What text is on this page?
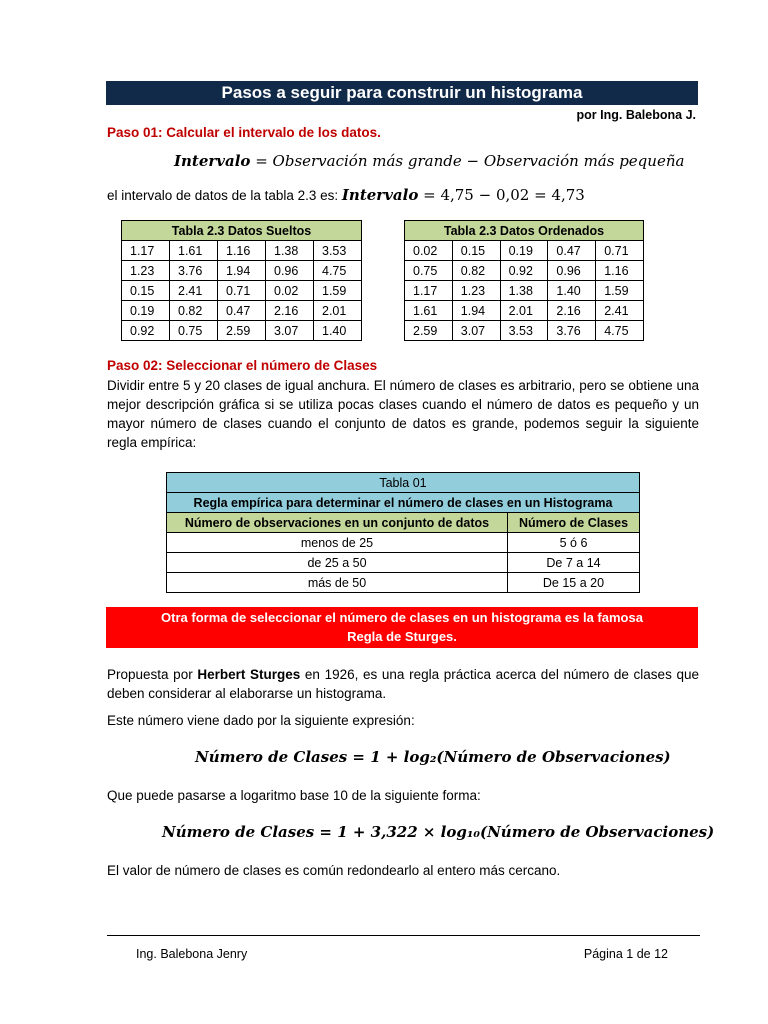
Pasos a seguir para construir un histograma
por Ing. Balebona J.
Paso 01: Calcular el intervalo de los datos.
Intervalo = Observación más grande − Observación más pequeña
el intervalo de datos de la tabla 2.3 es: Intervalo = 4,75 − 0,02 = 4,73
Tabla 2.3 Datos Sueltos				
1.17	1.61	1.16	1.38	3.53
1.23	3.76	1.94	0.96	4.75
0.15	2.41	0.71	0.02	1.59
0.19	0.82	0.47	2.16	2.01
0.92	0.75	2.59	3.07	1.40
Tabla 2.3 Datos Ordenados				
0.02	0.15	0.19	0.47	0.71
0.75	0.82	0.92	0.96	1.16
1.17	1.23	1.38	1.40	1.59
1.61	1.94	2.01	2.16	2.41
2.59	3.07	3.53	3.76	4.75
Paso 02: Seleccionar el número de Clases
Dividir entre 5 y 20 clases de igual anchura. El número de clases es arbitrario, pero se obtiene una mejor descripción gráfica si se utiliza pocas clases cuando el número de datos es pequeño y un mayor número de clases cuando el conjunto de datos es grande, podemos seguir la siguiente regla empírica:
Tabla 01	
Regla empírica para determinar el número de clases en un Histograma	
Número de observaciones en un conjunto de datos	Número de Clases
menos de 25	5 ó 6
de 25 a 50	De 7 a 14
más de 50	De 15 a 20
Otra forma de seleccionar el número de clases en un histograma es la famosa
Regla de Sturges.
Propuesta por Herbert Sturges en 1926, es una regla práctica acerca del número de clases que deben considerar al elaborarse un histograma.
Este número viene dado por la siguiente expresión:
Número de Clases = 1 + log₂(Número de Observaciones)
Que puede pasarse a logaritmo base 10 de la siguiente forma:
Número de Clases = 1 + 3,322 × log₁₀(Número de Observaciones)
El valor de número de clases es común redondearlo al entero más cercano.
Ing. Balebona Jenry	Página 1 de 12
